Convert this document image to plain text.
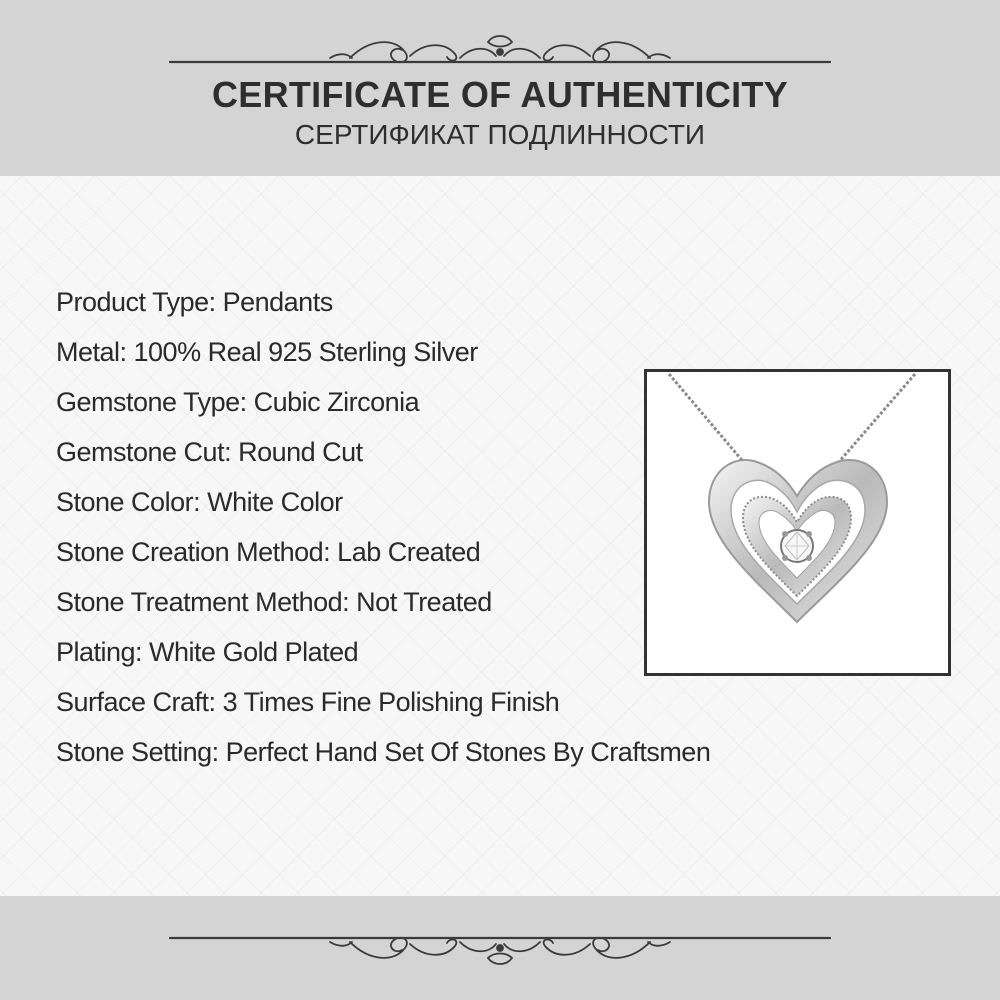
CERTIFICATE OF AUTHENTICITY
СЕРТИФИКАТ ПОДЛИННОСТИ
Product Type: Pendants
Metal: 100% Real 925 Sterling Silver
Gemstone Type: Cubic Zirconia
Gemstone Cut: Round Cut
Stone Color: White Color
Stone Creation Method: Lab Created
Stone Treatment Method: Not Treated
Plating: White Gold Plated
Surface Craft: 3 Times Fine Polishing Finish
Stone Setting: Perfect Hand Set Of Stones By Craftsmen
